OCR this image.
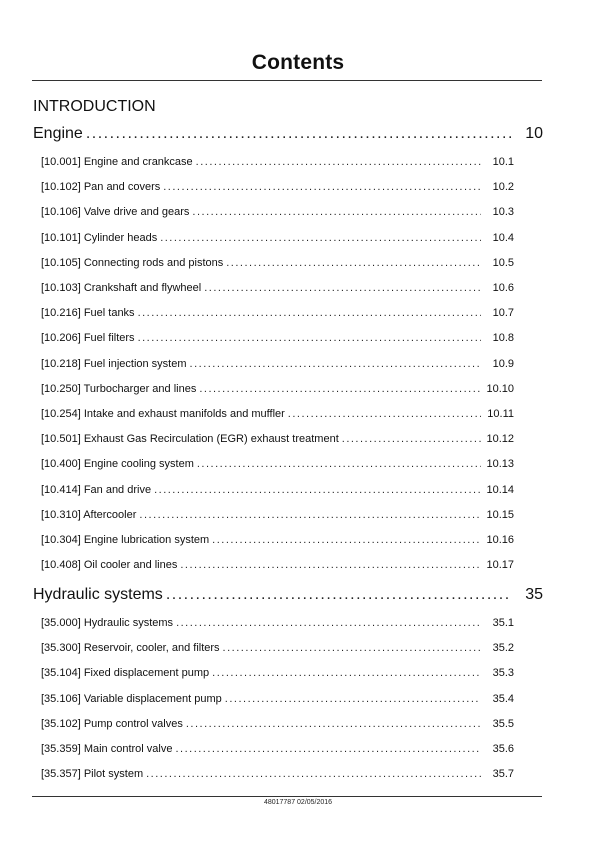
Contents
INTRODUCTION
Engine .....	10
[10.001] Engine and crankcase .....	10.1
[10.102] Pan and covers .....	10.2
[10.106] Valve drive and gears .....	10.3
[10.101] Cylinder heads .....	10.4
[10.105] Connecting rods and pistons .....	10.5
[10.103] Crankshaft and flywheel .....	10.6
[10.216] Fuel tanks .....	10.7
[10.206] Fuel filters .....	10.8
[10.218] Fuel injection system .....	10.9
[10.250] Turbocharger and lines .....	10.10
[10.254] Intake and exhaust manifolds and muffler .....	10.11
[10.501] Exhaust Gas Recirculation (EGR) exhaust treatment .....	10.12
[10.400] Engine cooling system .....	10.13
[10.414] Fan and drive .....	10.14
[10.310] Aftercooler .....	10.15
[10.304] Engine lubrication system .....	10.16
[10.408] Oil cooler and lines .....	10.17
Hydraulic systems .....	35
[35.000] Hydraulic systems .....	35.1
[35.300] Reservoir, cooler, and filters .....	35.2
[35.104] Fixed displacement pump .....	35.3
[35.106] Variable displacement pump .....	35.4
[35.102] Pump control valves .....	35.5
[35.359] Main control valve .....	35.6
[35.357] Pilot system .....	35.7
48017787 02/05/2016
